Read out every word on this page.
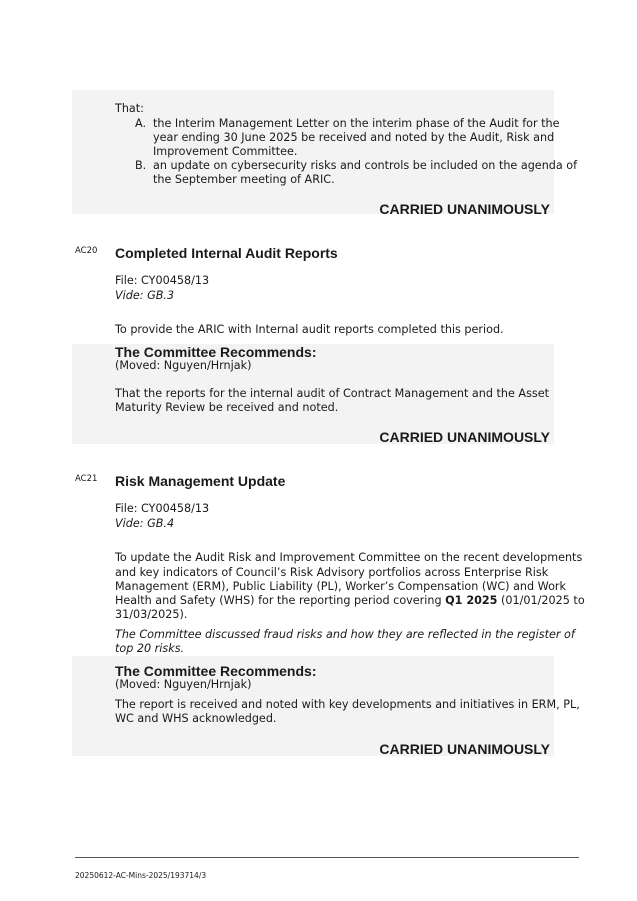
That:
A. the Interim Management Letter on the interim phase of the Audit for the
year ending 30 June 2025 be received and noted by the Audit, Risk and
Improvement Committee.
B. an update on cybersecurity risks and controls be included on the agenda of
the September meeting of ARIC.
CARRIED UNANIMOUSLY
AC20 Completed Internal Audit Reports
File: CY00458/13
Vide: GB.3
To provide the ARIC with Internal audit reports completed this period.
The Committee Recommends:
(Moved: Nguyen/Hrnjak)
That the reports for the internal audit of Contract Management and the Asset
Maturity Review be received and noted.
CARRIED UNANIMOUSLY
AC21 Risk Management Update
File: CY00458/13
Vide: GB.4
To update the Audit Risk and Improvement Committee on the recent developments
and key indicators of Council’s Risk Advisory portfolios across Enterprise Risk
Management (ERM), Public Liability (PL), Worker’s Compensation (WC) and Work
Health and Safety (WHS) for the reporting period covering Q1 2025 (01/01/2025 to
31/03/2025).
The Committee discussed fraud risks and how they are reflected in the register of
top 20 risks.
The Committee Recommends:
(Moved: Nguyen/Hrnjak)
The report is received and noted with key developments and initiatives in ERM, PL,
WC and WHS acknowledged.
CARRIED UNANIMOUSLY
20250612-AC-Mins-2025/193714/3
